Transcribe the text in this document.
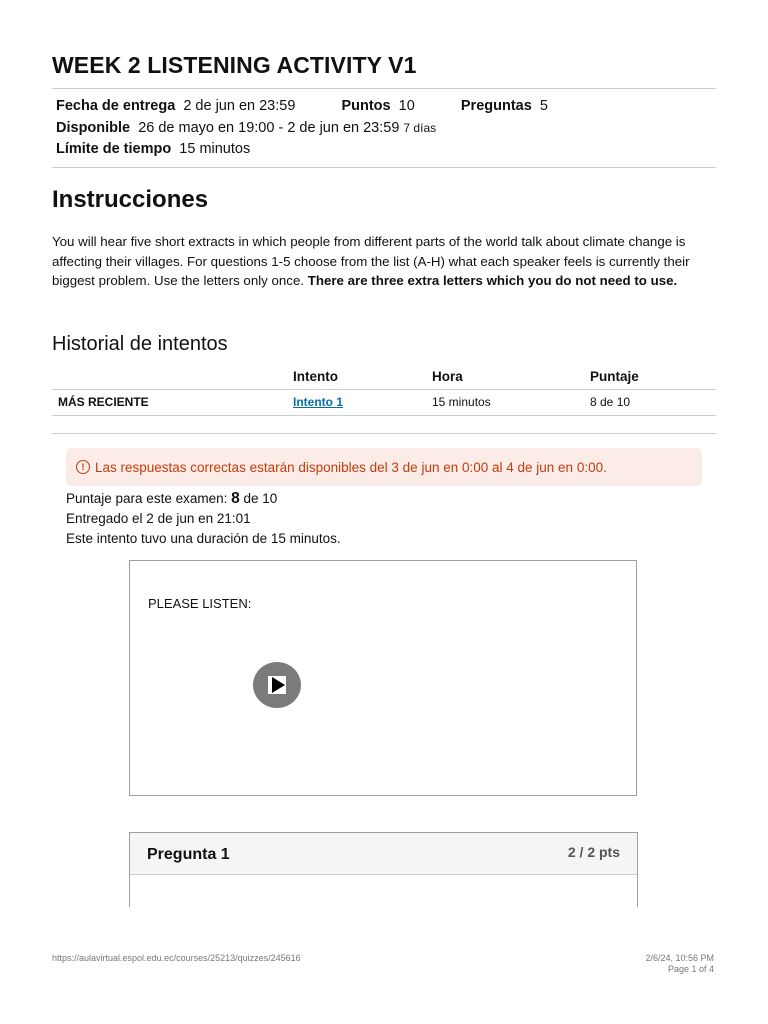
WEEK 2 LISTENING ACTIVITY V1
Fecha de entrega 2 de jun en 23:59	Puntos 10	Preguntas 5
Disponible 26 de mayo en 19:00 - 2 de jun en 23:59 7 días
Límite de tiempo 15 minutos
Instrucciones
You will hear five short extracts in which people from different parts of the world talk about climate change is affecting their villages. For questions 1-5 choose from the list (A-H) what each speaker feels is currently their biggest problem. Use the letters only once. There are three extra letters which you do not need to use.
Historial de intentos
	Intento	Hora	Puntaje
MÁS RECIENTE	Intento 1	15 minutos	8 de 10
! Las respuestas correctas estarán disponibles del 3 de jun en 0:00 al 4 de jun en 0:00.
Puntaje para este examen: 8 de 10
Entregado el 2 de jun en 21:01
Este intento tuvo una duración de 15 minutos.
PLEASE LISTEN:
Pregunta 1	2 / 2 pts
https://aulavirtual.espol.edu.ec/courses/25213/quizzes/245616	2/6/24, 10:56 PM
Page 1 of 4
